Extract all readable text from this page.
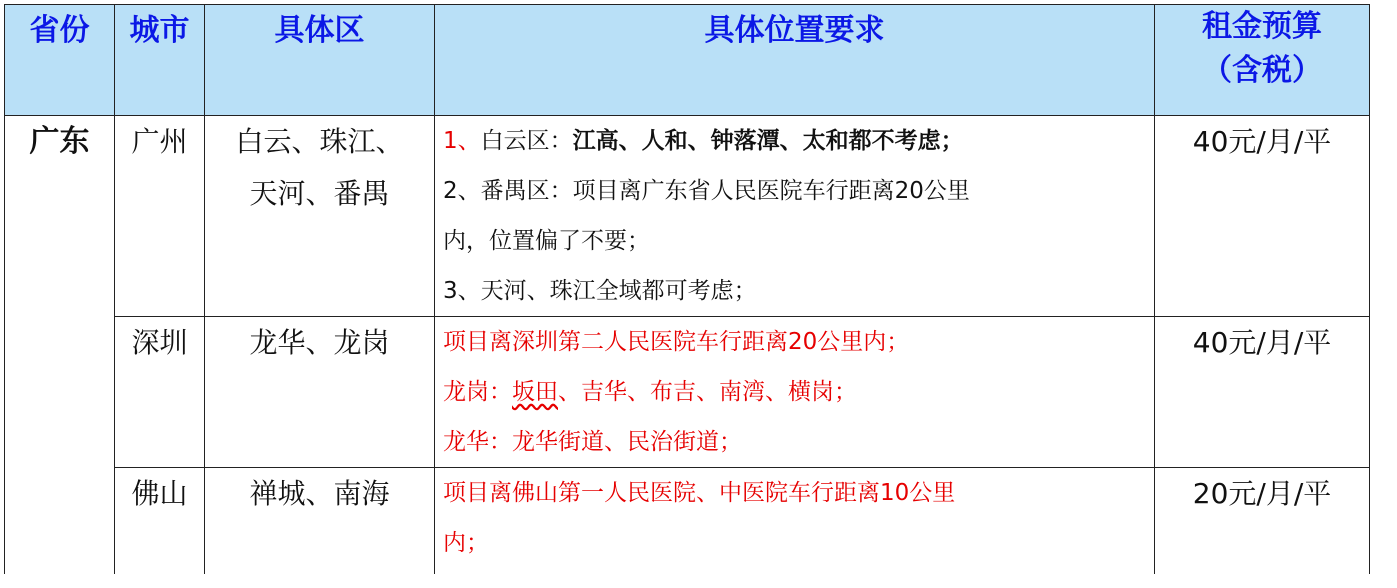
省份	城市	具体区	具体位置要求	租金预算
（含税）

广东	广州	白云、珠江、
天河、番禺	1、白云区：江高、人和、钟落潭、太和都不考虑；
2、番禺区：项目离广东省人民医院车行距离20公里
内，位置偏了不要；
3、天河、珠江全域都可考虑；	40元/月/平
	深圳	龙华、龙岗	项目离深圳第二人民医院车行距离20公里内；
龙岗：坂田、吉华、布吉、南湾、横岗；
龙华：龙华街道、民治街道；	40元/月/平
	佛山	禅城、南海	项目离佛山第一人民医院、中医院车行距离10公里
内；	20元/月/平
